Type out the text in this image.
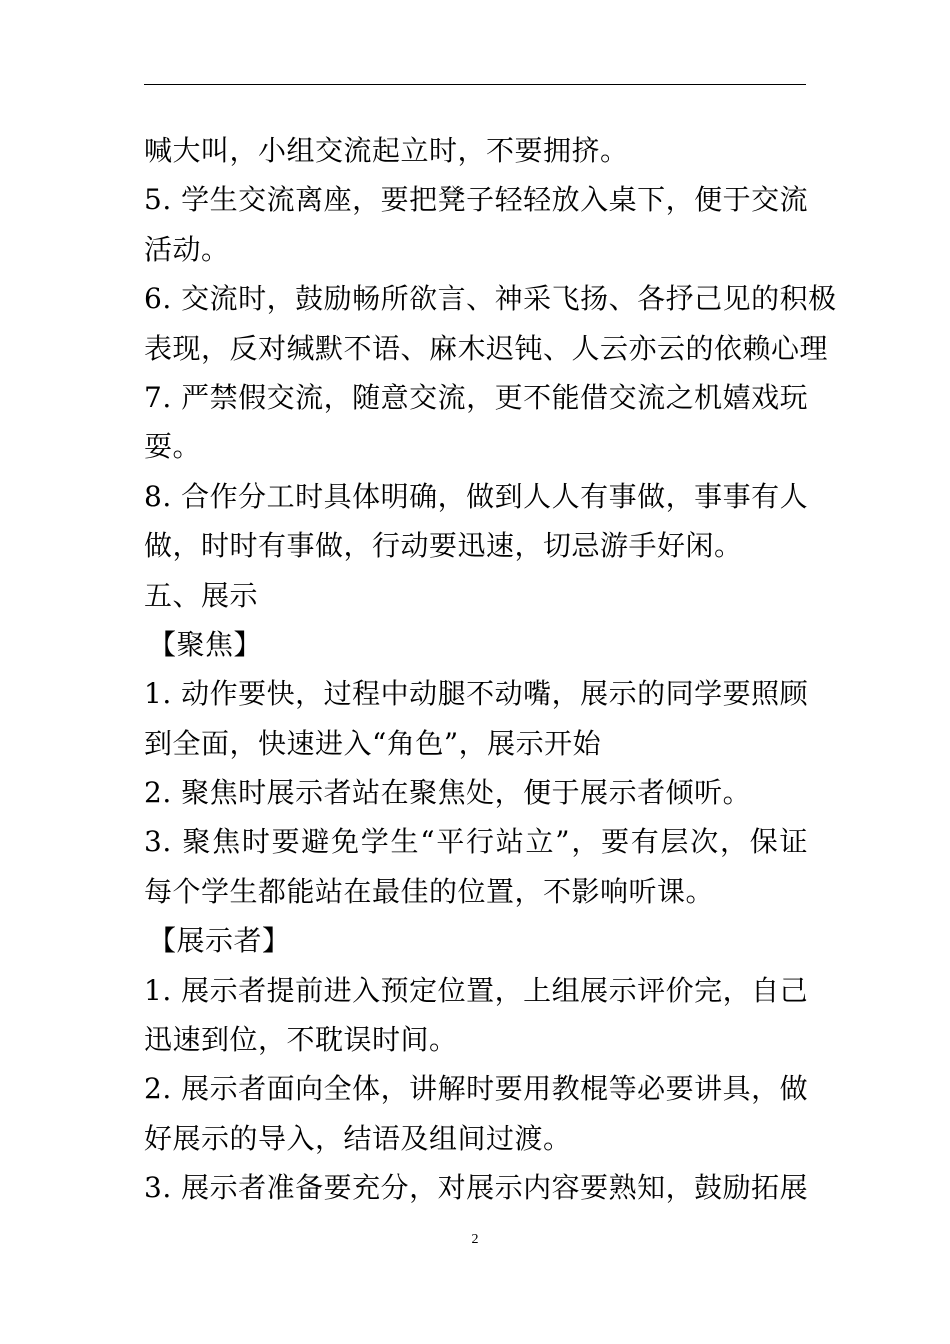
喊大叫，小组交流起立时，不要拥挤。
5. 学生交流离座，要把凳子轻轻放入桌下，便于交流
活动。
6. 交流时，鼓励畅所欲言、神采飞扬、各抒己见的积极
表现，反对缄默不语、麻木迟钝、人云亦云的依赖心理
7. 严禁假交流，随意交流，更不能借交流之机嬉戏玩
耍。
8. 合作分工时具体明确，做到人人有事做，事事有人
做，时时有事做，行动要迅速，切忌游手好闲。
五、展示
【聚焦】
1. 动作要快，过程中动腿不动嘴，展示的同学要照顾
到全面，快速进入“角色”，展示开始
2. 聚焦时展示者站在聚焦处，便于展示者倾听。
3. 聚焦时要避免学生“平行站立”，要有层次，保证
每个学生都能站在最佳的位置，不影响听课。
【展示者】
1. 展示者提前进入预定位置，上组展示评价完，自己
迅速到位，不耽误时间。
2. 展示者面向全体，讲解时要用教棍等必要讲具，做
好展示的导入，结语及组间过渡。
3. 展示者准备要充分，对展示内容要熟知，鼓励拓展
2
